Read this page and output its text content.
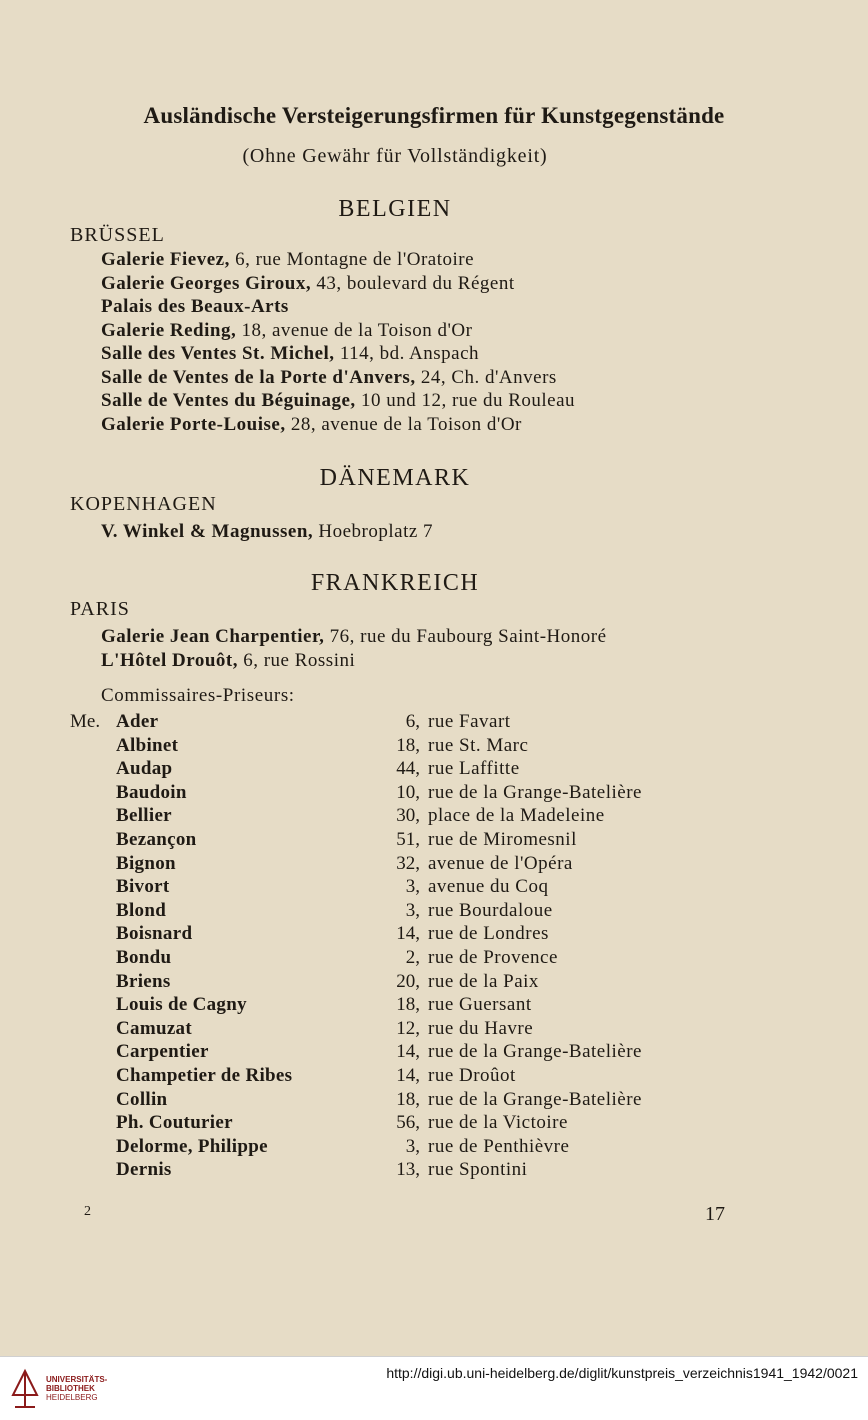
Ausländische Versteigerungsfirmen für Kunstgegenstände
(Ohne Gewähr für Vollständigkeit)
BELGIEN
BRÜSSEL
Galerie Fievez, 6, rue Montagne de l'Oratoire
Galerie Georges Giroux, 43, boulevard du Régent
Palais des Beaux-Arts
Galerie Reding, 18, avenue de la Toison d'Or
Salle des Ventes St. Michel, 114, bd. Anspach
Salle de Ventes de la Porte d'Anvers, 24, Ch. d'Anvers
Salle de Ventes du Béguinage, 10 und 12, rue du Rouleau
Galerie Porte-Louise, 28, avenue de la Toison d'Or
DÄNEMARK
KOPENHAGEN
V. Winkel & Magnussen, Hoebroplatz 7
FRANKREICH
PARIS
Galerie Jean Charpentier, 76, rue du Faubourg Saint-Honoré
L'Hôtel Drouôt, 6, rue Rossini
Commissaires-Priseurs:
Me. Ader	6, rue Favart
Albinet	18, rue St. Marc
Audap	44, rue Laffitte
Baudoin	10, rue de la Grange-Batelière
Bellier	30, place de la Madeleine
Bezançon	51, rue de Miromesnil
Bignon	32, avenue de l'Opéra
Bivort	3, avenue du Coq
Blond	3, rue Bourdaloue
Boisnard	14, rue de Londres
Bondu	2, rue de Provence
Briens	20, rue de la Paix
Louis de Cagny	18, rue Guersant
Camuzat	12, rue du Havre
Carpentier	14, rue de la Grange-Batelière
Champetier de Ribes	14, rue Droûot
Collin	18, rue de la Grange-Batelière
Ph. Couturier	56, rue de la Victoire
Delorme, Philippe	3, rue de Penthièvre
Dernis	13, rue Spontini
2	17
UNIVERSITÄTS-
BIBLIOTHEK
HEIDELBERG
http://digi.ub.uni-heidelberg.de/diglit/kunstpreis_verzeichnis1941_1942/0021
